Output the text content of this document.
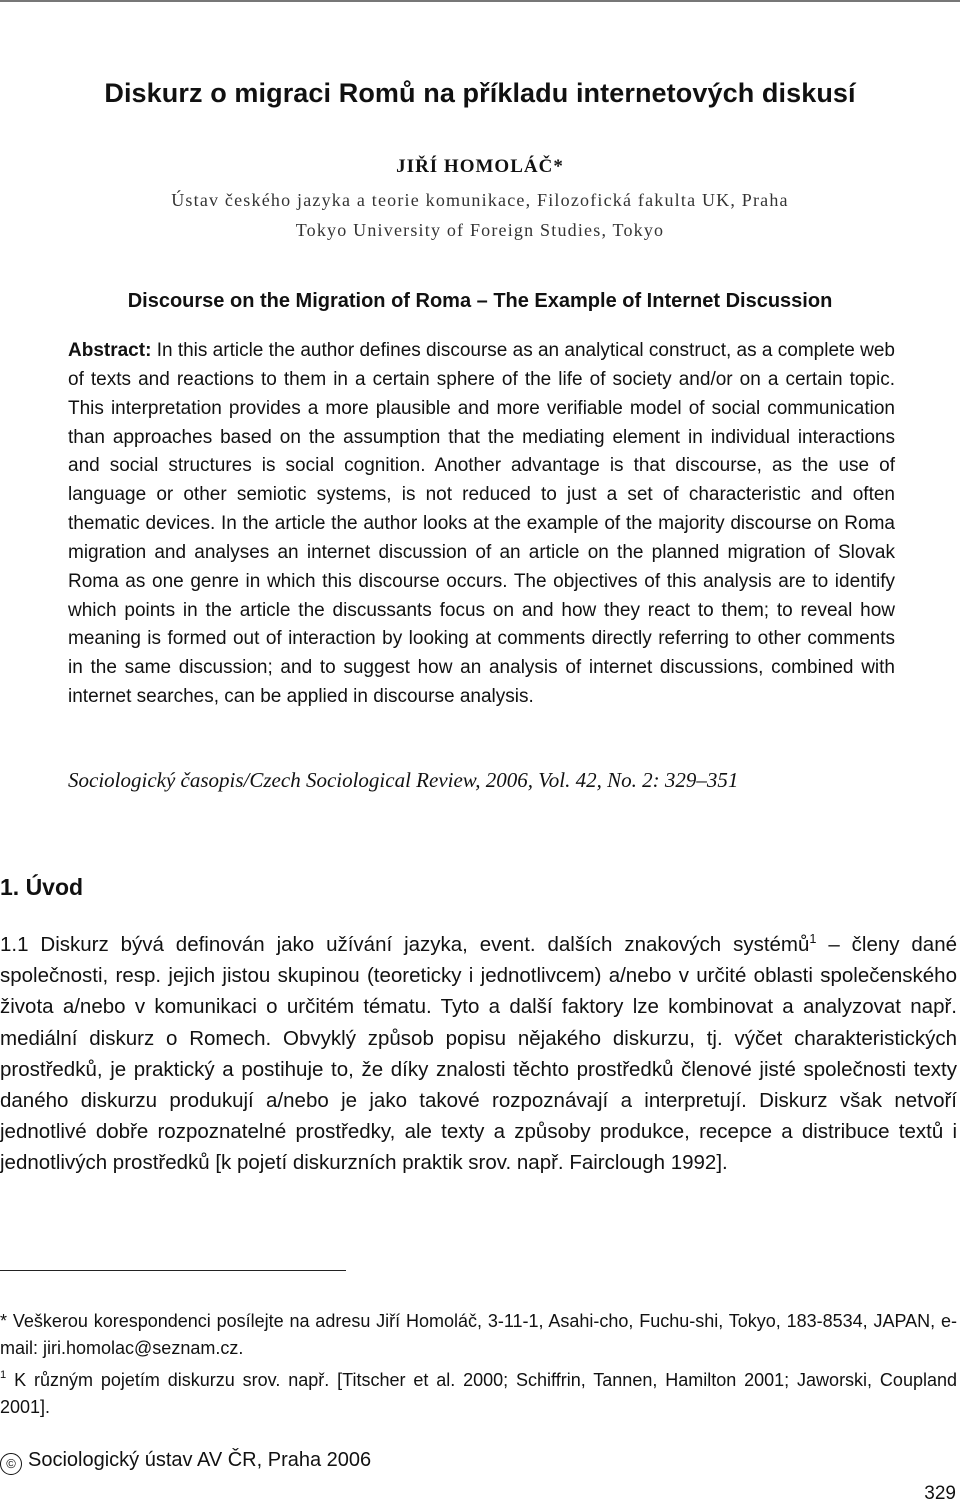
Diskurz o migraci Romů na příkladu internetových diskusí
JIŘÍ HOMOLÁČ*
Ústav českého jazyka a teorie komunikace, Filozofická fakulta UK, Praha
Tokyo University of Foreign Studies, Tokyo
Discourse on the Migration of Roma – The Example of Internet Discussion
Abstract: In this article the author defines discourse as an analytical construct, as a complete web of texts and reactions to them in a certain sphere of the life of society and/or on a certain topic. This interpretation provides a more plausible and more verifiable model of social communication than approaches based on the assumption that the mediating element in individual interactions and social structures is social cognition. Another advantage is that discourse, as the use of language or other semiotic systems, is not reduced to just a set of characteristic and often thematic devices. In the article the author looks at the example of the majority discourse on Roma migration and analyses an internet discussion of an article on the planned migration of Slovak Roma as one genre in which this discourse occurs. The objectives of this analysis are to identify which points in the article the discussants focus on and how they react to them; to reveal how meaning is formed out of interaction by looking at comments directly referring to other comments in the same discussion; and to suggest how an analysis of internet discussions, combined with internet searches, can be applied in discourse analysis.
Sociologický časopis/Czech Sociological Review, 2006, Vol. 42, No. 2: 329–351
1. Úvod
1.1 Diskurz bývá definován jako užívání jazyka, event. dalších znakových systémů$^1$ – členy dané společnosti, resp. jejich jistou skupinou (teoreticky i jednotlivcem) a/nebo v určité oblasti společenského života a/nebo v komunikaci o určitém tématu. Tyto a další faktory lze kombinovat a analyzovat např. mediální diskurz o Romech. Obvyklý způsob popisu nějakého diskurzu, tj. výčet charakteristických prostředků, je praktický a postihuje to, že díky znalosti těchto prostředků členové jisté společnosti texty daného diskurzu produkují a/nebo je jako takové rozpoznávají a interpretují. Diskurz však netvoří jednotlivé dobře rozpoznatelné prostředky, ale texty a způsoby produkce, recepce a distribuce textů i jednotlivých prostředků [k pojetí diskurzních praktik srov. např. Fairclough 1992].

* Veškerou korespondenci posílejte na adresu Jiří Homoláč, 3-11-1, Asahi-cho, Fuchu-shi, Tokyo, 183-8534, JAPAN, e-mail: jiri.homolac@seznam.cz.

$^1$ K různým pojetím diskurzu srov. např. [Titscher et al. 2000; Schiffrin, Tannen, Hamilton 2001; Jaworski, Coupland 2001].

© Sociologický ústav AV ČR, Praha 2006
329
